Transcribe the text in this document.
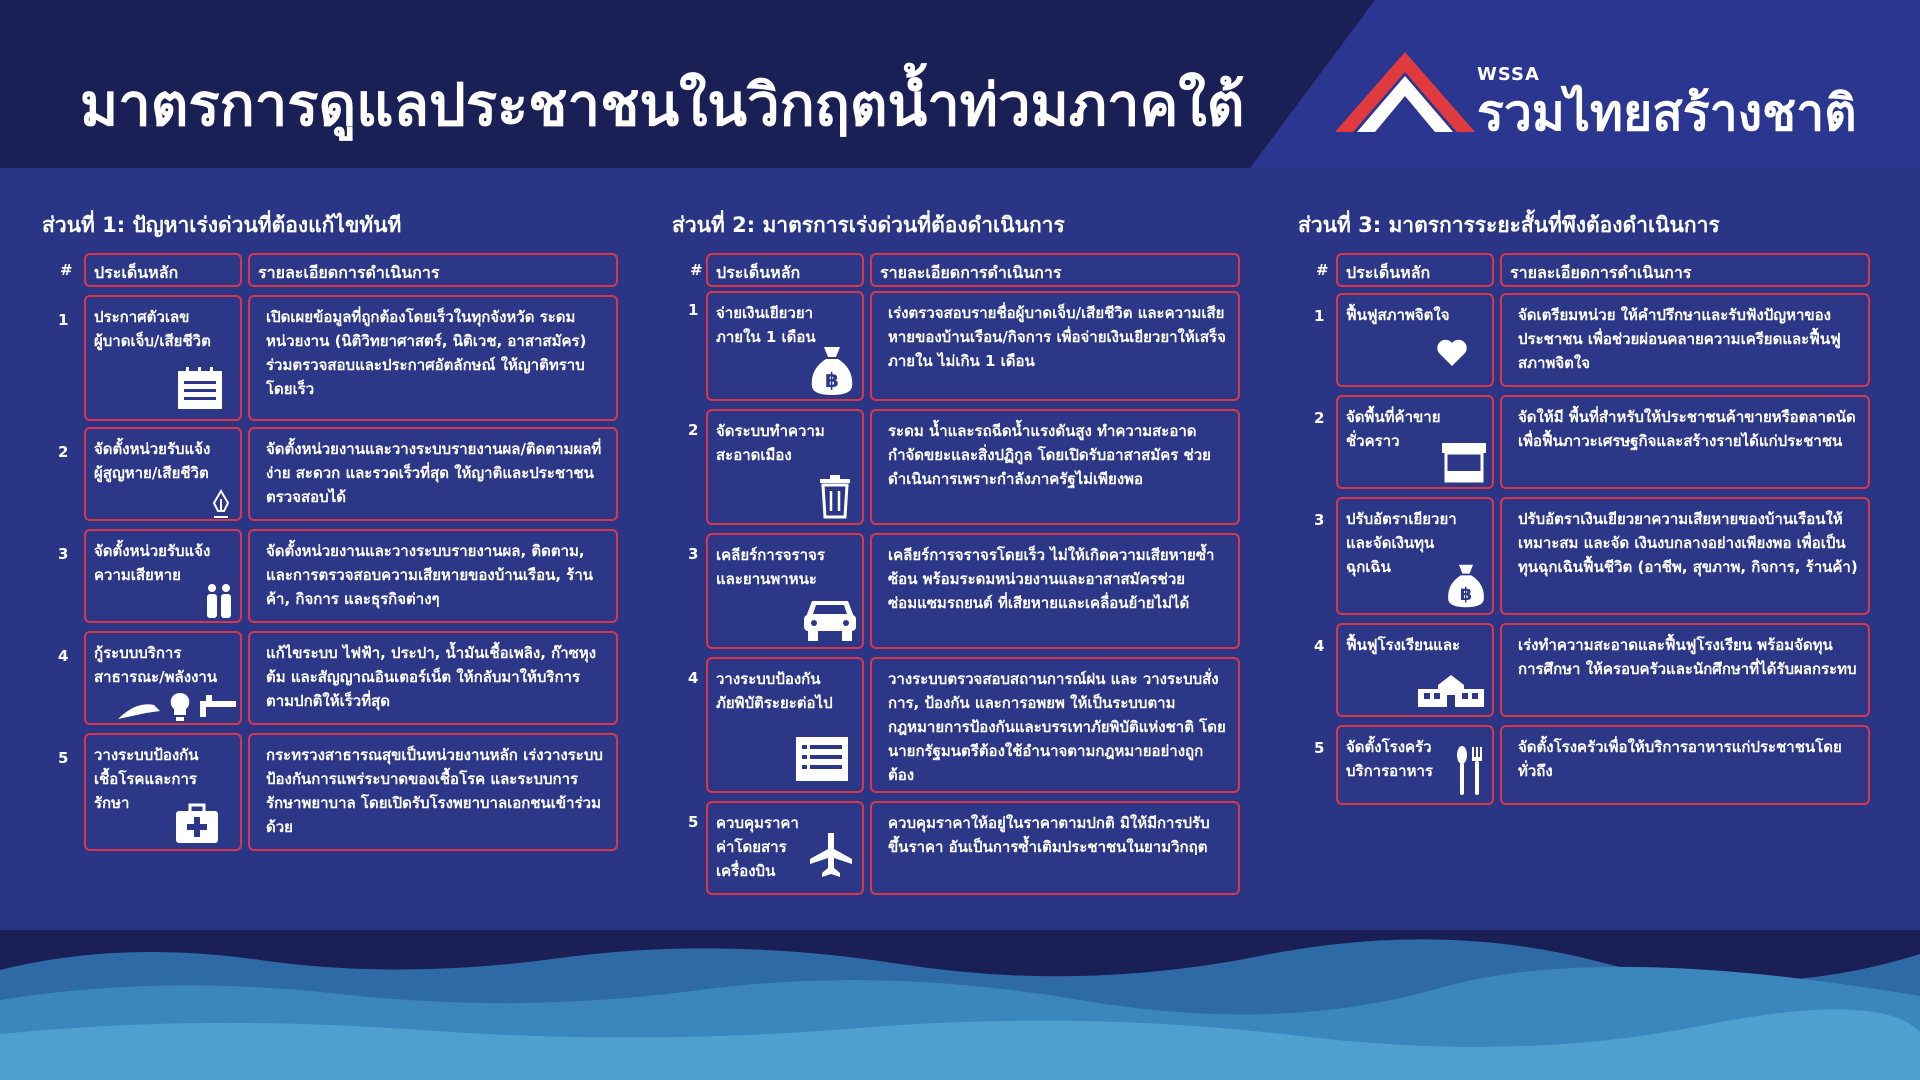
มาตรการดูแลประชาชนในวิกฤตน้ำท่วมภาคใต้	WSSA
รวมไทยสร้างชาติ
ส่วนที่ 1: ปัญหาเร่งด่วนที่ต้องแก้ไขทันที
#	ประเด็นหลัก	รายละเอียดการดำเนินการ
1 ประกาศตัวเลข
ผู้บาดเจ็บ/เสียชีวิต
เปิดเผยข้อมูลที่ถูกต้องโดยเร็วในทุกจังหวัด ระดมหน่วยงาน (นิติวิทยาศาสตร์, นิติเวช, อาสาสมัคร) ร่วมตรวจสอบและประกาศอัตลักษณ์ ให้ญาติทราบโดยเร็ว
2 จัดตั้งหน่วยรับแจ้ง
ผู้สูญหาย/เสียชีวิต
จัดตั้งหน่วยงานและวางระบบรายงานผล/ติดตามผลที่ ง่าย สะดวก และรวดเร็วที่สุด ให้ญาติและประชาชนตรวจสอบได้
3 จัดตั้งหน่วยรับแจ้ง
ความเสียหาย
จัดตั้งหน่วยงานและวางระบบรายงานผล, ติดตาม, และการตรวจสอบความเสียหายของบ้านเรือน, ร้านค้า, กิจการ และธุรกิจต่างๆ
4 กู้ระบบบริการ
สาธารณะ/พลังงาน
แก้ไขระบบ ไฟฟ้า, ประปา, น้ำมันเชื้อเพลิง, ก๊าซหุงต้ม และสัญญาณอินเตอร์เน็ต ให้กลับมาให้บริการตามปกติให้เร็วที่สุด
5 วางระบบป้องกัน
เชื้อโรคและการรักษา
กระทรวงสาธารณสุขเป็นหน่วยงานหลัก เร่งวางระบบป้องกันการแพร่ระบาดของเชื้อโรค และระบบการรักษาพยาบาล โดยเปิดรับโรงพยาบาลเอกชนเข้าร่วมด้วย
ส่วนที่ 2: มาตรการเร่งด่วนที่ต้องดำเนินการ
# ประเด็นหลัก	รายละเอียดการดำเนินการ
1 จ่ายเงินเยียวยา
ภายใน 1 เดือน
฿
เร่งตรวจสอบรายชื่อผู้บาดเจ็บ/เสียชีวิต และความเสียหายของบ้านเรือน/กิจการ เพื่อจ่ายเงินเยียวยาให้เสร็จภายใน ไม่เกิน 1 เดือน
2 จัดระบบทำความ
สะอาดเมือง
ระดม น้ำและรถฉีดน้ำแรงดันสูง ทำความสะอาด กำจัดขยะและสิ่งปฏิกูล โดยเปิดรับอาสาสมัคร ช่วยดำเนินการเพราะกำลังภาครัฐไม่เพียงพอ
3 เคลียร์การจราจร
และยานพาหนะ
เคลียร์การจราจรโดยเร็ว ไม่ให้เกิดความเสียหายซ้ำซ้อน พร้อมระดมหน่วยงานและอาสาสมัครช่วย ซ่อมแซมรถยนต์ ที่เสียหายและเคลื่อนย้ายไม่ได้
4 วางระบบป้องกัน
ภัยพิบัติระยะต่อไป
วางระบบตรวจสอบสถานการณ์ฝน และ วางระบบสั่งการ, ป้องกัน และการอพยพ ให้เป็นระบบตามกฎหมายการป้องกันและบรรเทาภัยพิบัติแห่งชาติ โดยนายกรัฐมนตรีต้องใช้อำนาจตามกฎหมายอย่างถูกต้อง
5 ควบคุมราคา
ค่าโดยสาร
เครื่องบิน
ควบคุมราคาให้อยู่ในราคาตามปกติ มิให้มีการปรับขึ้นราคา อันเป็นการซ้ำเติมประชาชนในยามวิกฤต
ส่วนที่ 3: มาตรการระยะสั้นที่พึงต้องดำเนินการ
#	ประเด็นหลัก	รายละเอียดการดำเนินการ
1 ฟื้นฟูสภาพจิตใจ	จัดเตรียมหน่วย ให้คำปรึกษาและรับฟังปัญหาของประชาชน เพื่อช่วยผ่อนคลายความเครียดและฟื้นฟูสภาพจิตใจ
2 จัดพื้นที่ค้าขาย
ชั่วคราว
จัดให้มี พื้นที่สำหรับให้ประชาชนค้าขายหรือตลาดนัด เพื่อฟื้นภาวะเศรษฐกิจและสร้างรายได้แก่ประชาชน
3 ปรับอัตราเยียวยา
และจัดเงินทุน
ฉุกเฉิน
฿
ปรับอัตราเงินเยียวยาความเสียหายของบ้านเรือนให้เหมาะสม และจัด เงินงบกลางอย่างเพียงพอ เพื่อเป็นทุนฉุกเฉินฟื้นชีวิต (อาชีพ, สุขภาพ, กิจการ, ร้านค้า)
4 ฟื้นฟูโรงเรียนและ	เร่งทำความสะอาดและฟื้นฟูโรงเรียน พร้อมจัดทุนการศึกษา ให้ครอบครัวและนักศึกษาที่ได้รับผลกระทบ
5 จัดตั้งโรงครัว
บริการอาหาร
จัดตั้งโรงครัวเพื่อให้บริการอาหารแก่ประชาชนโดยทั่วถึง
